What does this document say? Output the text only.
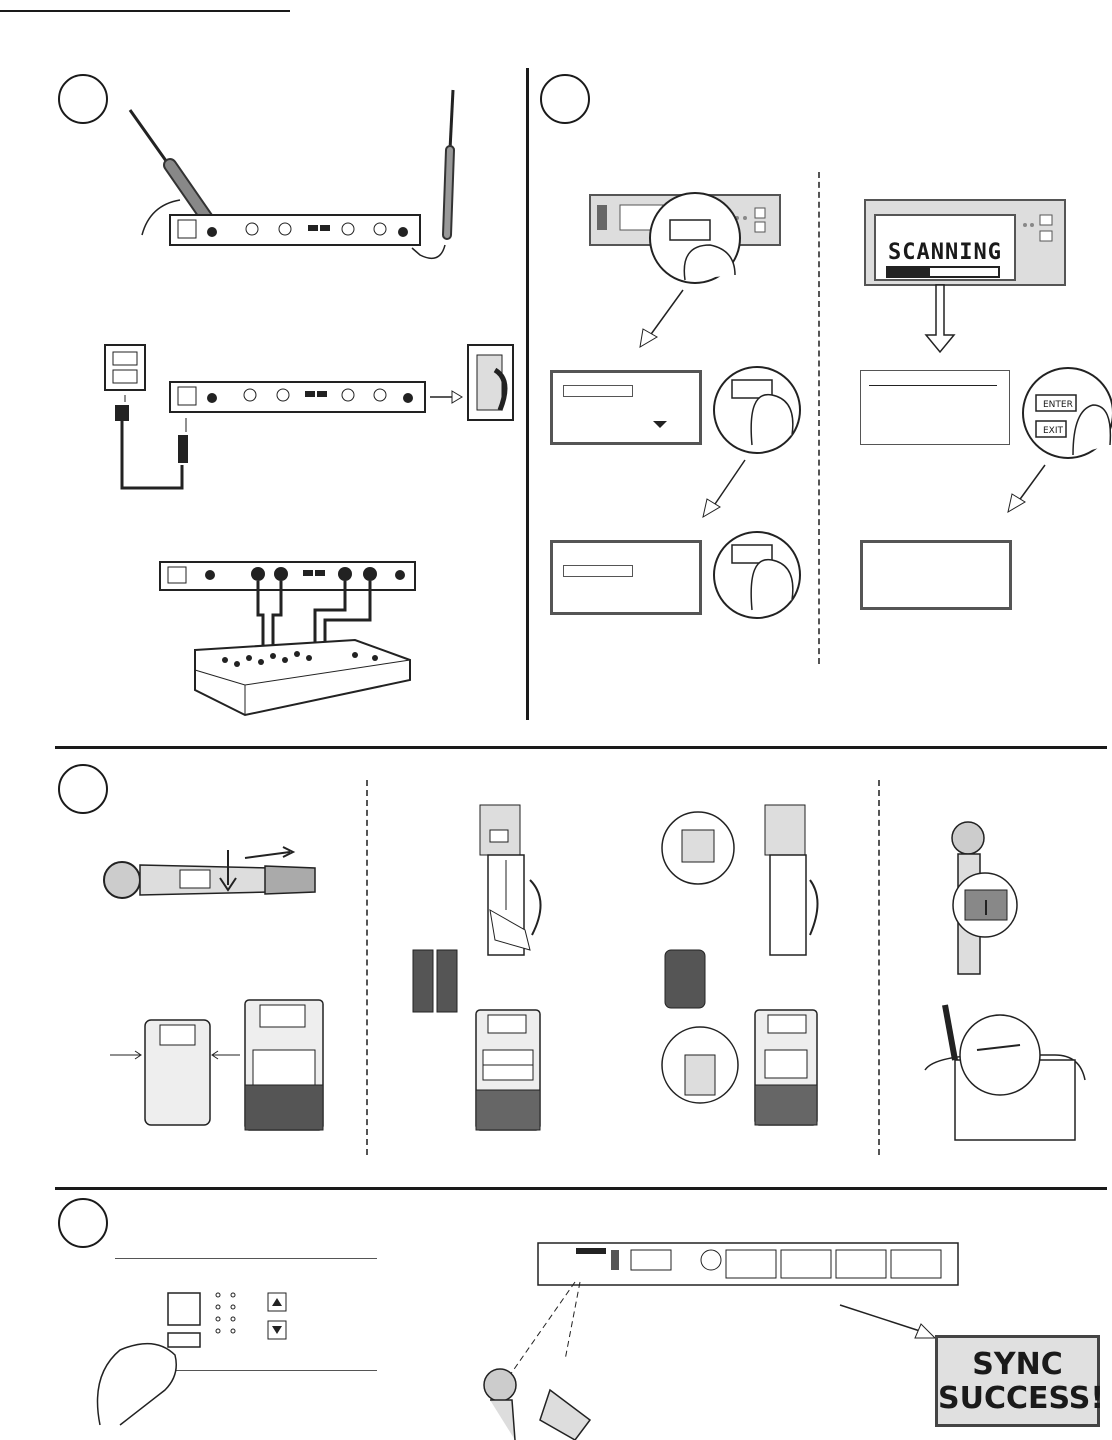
SCANNING
ENTER
EXIT
SYNC
SUCCESS!
